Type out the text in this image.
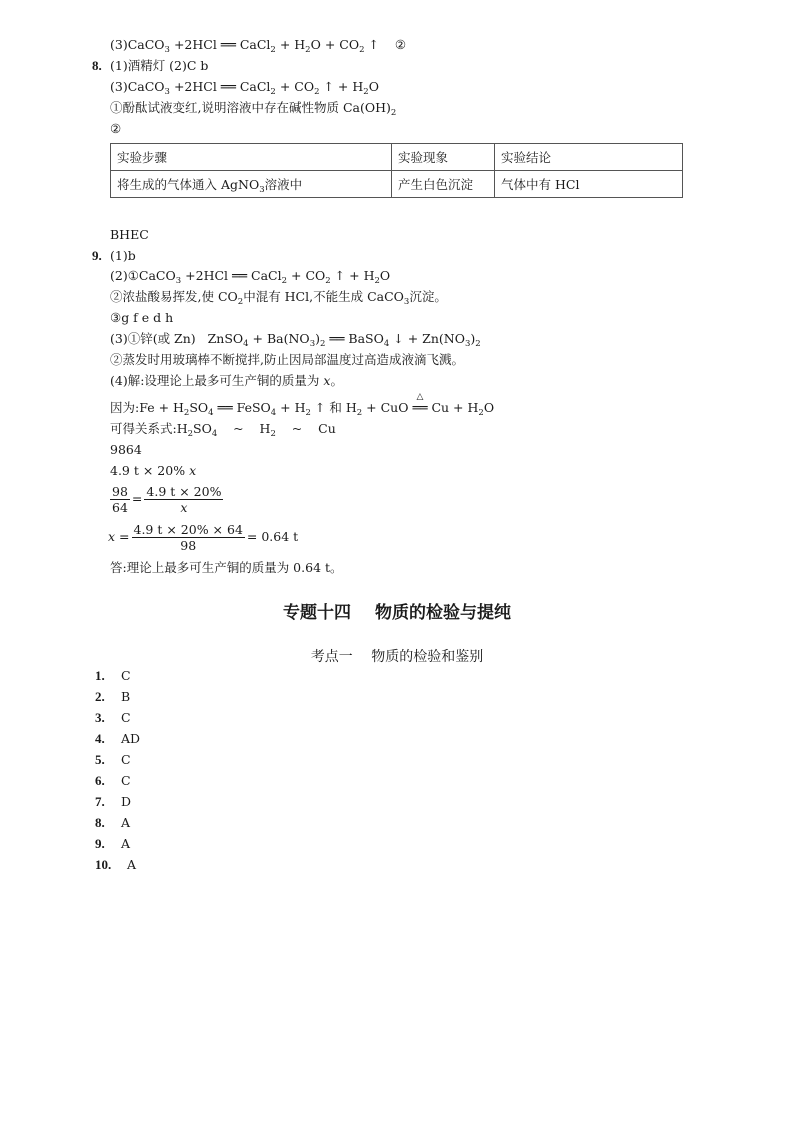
(3)CaCO$_3$ +2HCl ══ CaCl$_2$ + $H_2O + CO_2$ ↑    ②
8. (1)酒精灯 (2)C b
(3)CaCO$_3$ +2HCl ══ CaCl$_2$ + $CO_2$ ↑ + $H_2O$
①酚酞试液变红,说明溶液中存在碱性物质 $Ca(OH)_2$
②
实验步骤	实验现象	实验结论
将生成的气体通入 AgNO$_3$溶液中	产生白色沉淀	气体中有 HCl
BHEC
9. (1)b
(2)①CaCO$_3$ +2HCl ══ CaCl$_2$ + $CO_2$ ↑ + $H_2O$
②浓盐酸易挥发,使 $CO_2$中混有 HCl,不能生成 CaCO$_3$沉淀。
③g f e d h
(3)①锌(或 Zn)   ZnSO$_4$ + $Ba(NO_3)_2$ ══ BaSO$_4$ ↓ + $Zn(NO_3)_2$
②蒸发时用玻璃棒不断搅拌,防止因局部温度过高造成液滴飞溅。
(4)解:设理论上最多可生产铜的质量为 x。
因为:Fe + $H_2SO_4$ ══ FeSO$_4$ + $H_2$ ↑ 和 $H_2$ + CuO
△
══ $Cu + H_2O$
可得关系式$:H_2SO_4$    ~    $H_2$    ~    Cu
9864
4.9 t × 20% x
$\frac{98}{64} = \frac{4.9 t \times 20\%}{x}$
$x = \frac{4.9 t \times 20\% \times 64}{98} = 0.64$ t
答:理论上最多可生产铜的质量为 0.64 t。
专题十四 物质的检验与提纯
考点一 物质的检验和鉴别
1. C
2. B
3. C
4. AD
5. C
6. C
7. D
8. A
9. A
10. A
